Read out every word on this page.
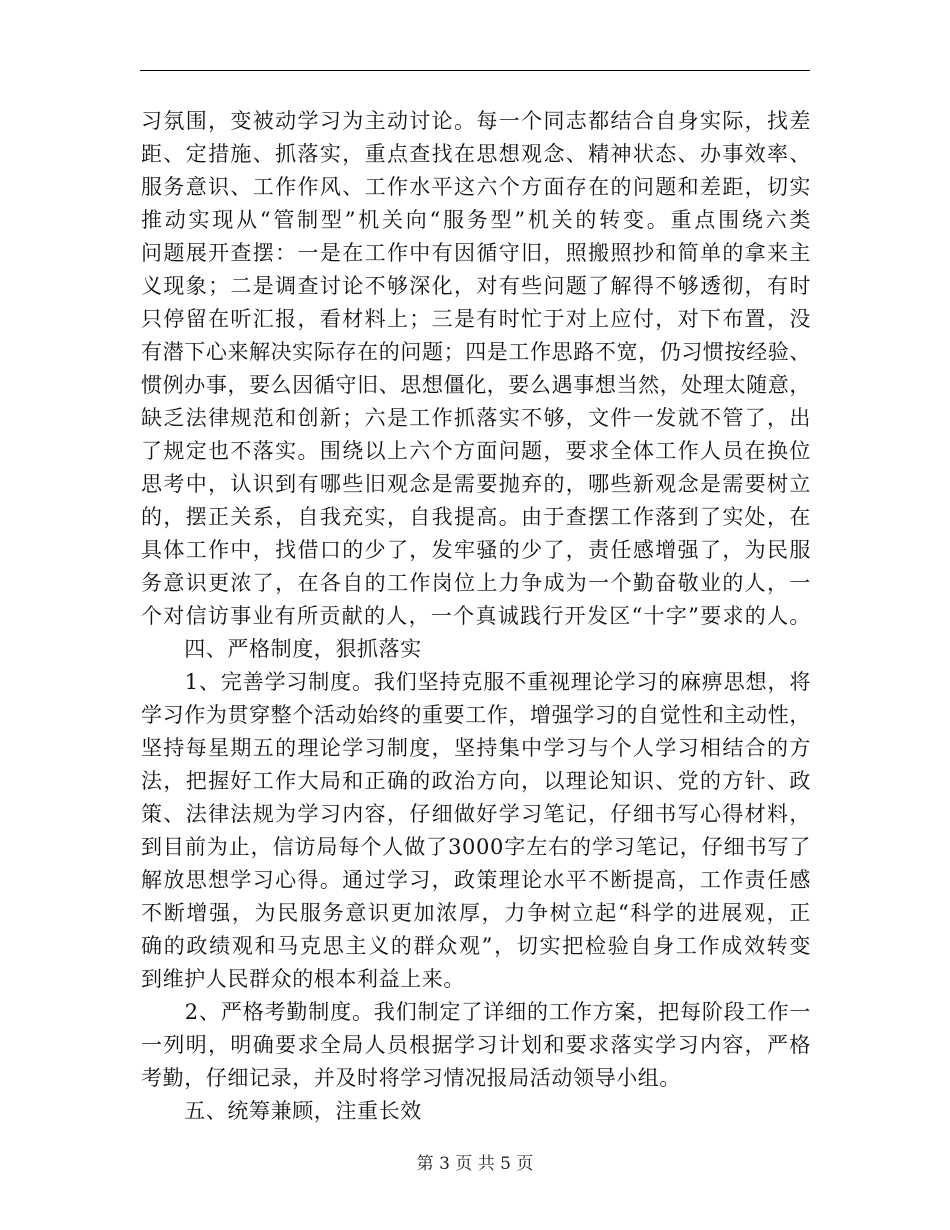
习氛围，变被动学习为主动讨论。每一个同志都结合自身实际，找差
距、定措施、抓落实，重点查找在思想观念、精神状态、办事效率、
服务意识、工作作风、工作水平这六个方面存在的问题和差距，切实
推动实现从“管制型”机关向“服务型”机关的转变。重点围绕六类
问题展开查摆：一是在工作中有因循守旧，照搬照抄和简单的拿来主
义现象；二是调查讨论不够深化，对有些问题了解得不够透彻，有时
只停留在听汇报，看材料上；三是有时忙于对上应付，对下布置，没
有潜下心来解决实际存在的问题；四是工作思路不宽，仍习惯按经验、
惯例办事，要么因循守旧、思想僵化，要么遇事想当然，处理太随意，
缺乏法律规范和创新；六是工作抓落实不够，文件一发就不管了，出
了规定也不落实。围绕以上六个方面问题，要求全体工作人员在换位
思考中，认识到有哪些旧观念是需要抛弃的，哪些新观念是需要树立
的，摆正关系，自我充实，自我提高。由于查摆工作落到了实处，在
具体工作中，找借口的少了，发牢骚的少了，责任感增强了，为民服
务意识更浓了，在各自的工作岗位上力争成为一个勤奋敬业的人，一
个对信访事业有所贡献的人，一个真诚践行开发区“十字”要求的人。
　　四、严格制度，狠抓落实
　　1、完善学习制度。我们坚持克服不重视理论学习的麻痹思想，将
学习作为贯穿整个活动始终的重要工作，增强学习的自觉性和主动性，
坚持每星期五的理论学习制度，坚持集中学习与个人学习相结合的方
法，把握好工作大局和正确的政治方向，以理论知识、党的方针、政
策、法律法规为学习内容，仔细做好学习笔记，仔细书写心得材料，
到目前为止，信访局每个人做了3000字左右的学习笔记，仔细书写了
解放思想学习心得。通过学习，政策理论水平不断提高，工作责任感
不断增强，为民服务意识更加浓厚，力争树立起“科学的进展观，正
确的政绩观和马克思主义的群众观”，切实把检验自身工作成效转变
到维护人民群众的根本利益上来。
　　2、严格考勤制度。我们制定了详细的工作方案，把每阶段工作一
一列明，明确要求全局人员根据学习计划和要求落实学习内容，严格
考勤，仔细记录，并及时将学习情况报局活动领导小组。
　　五、统筹兼顾，注重长效
第 3 页 共 5 页
